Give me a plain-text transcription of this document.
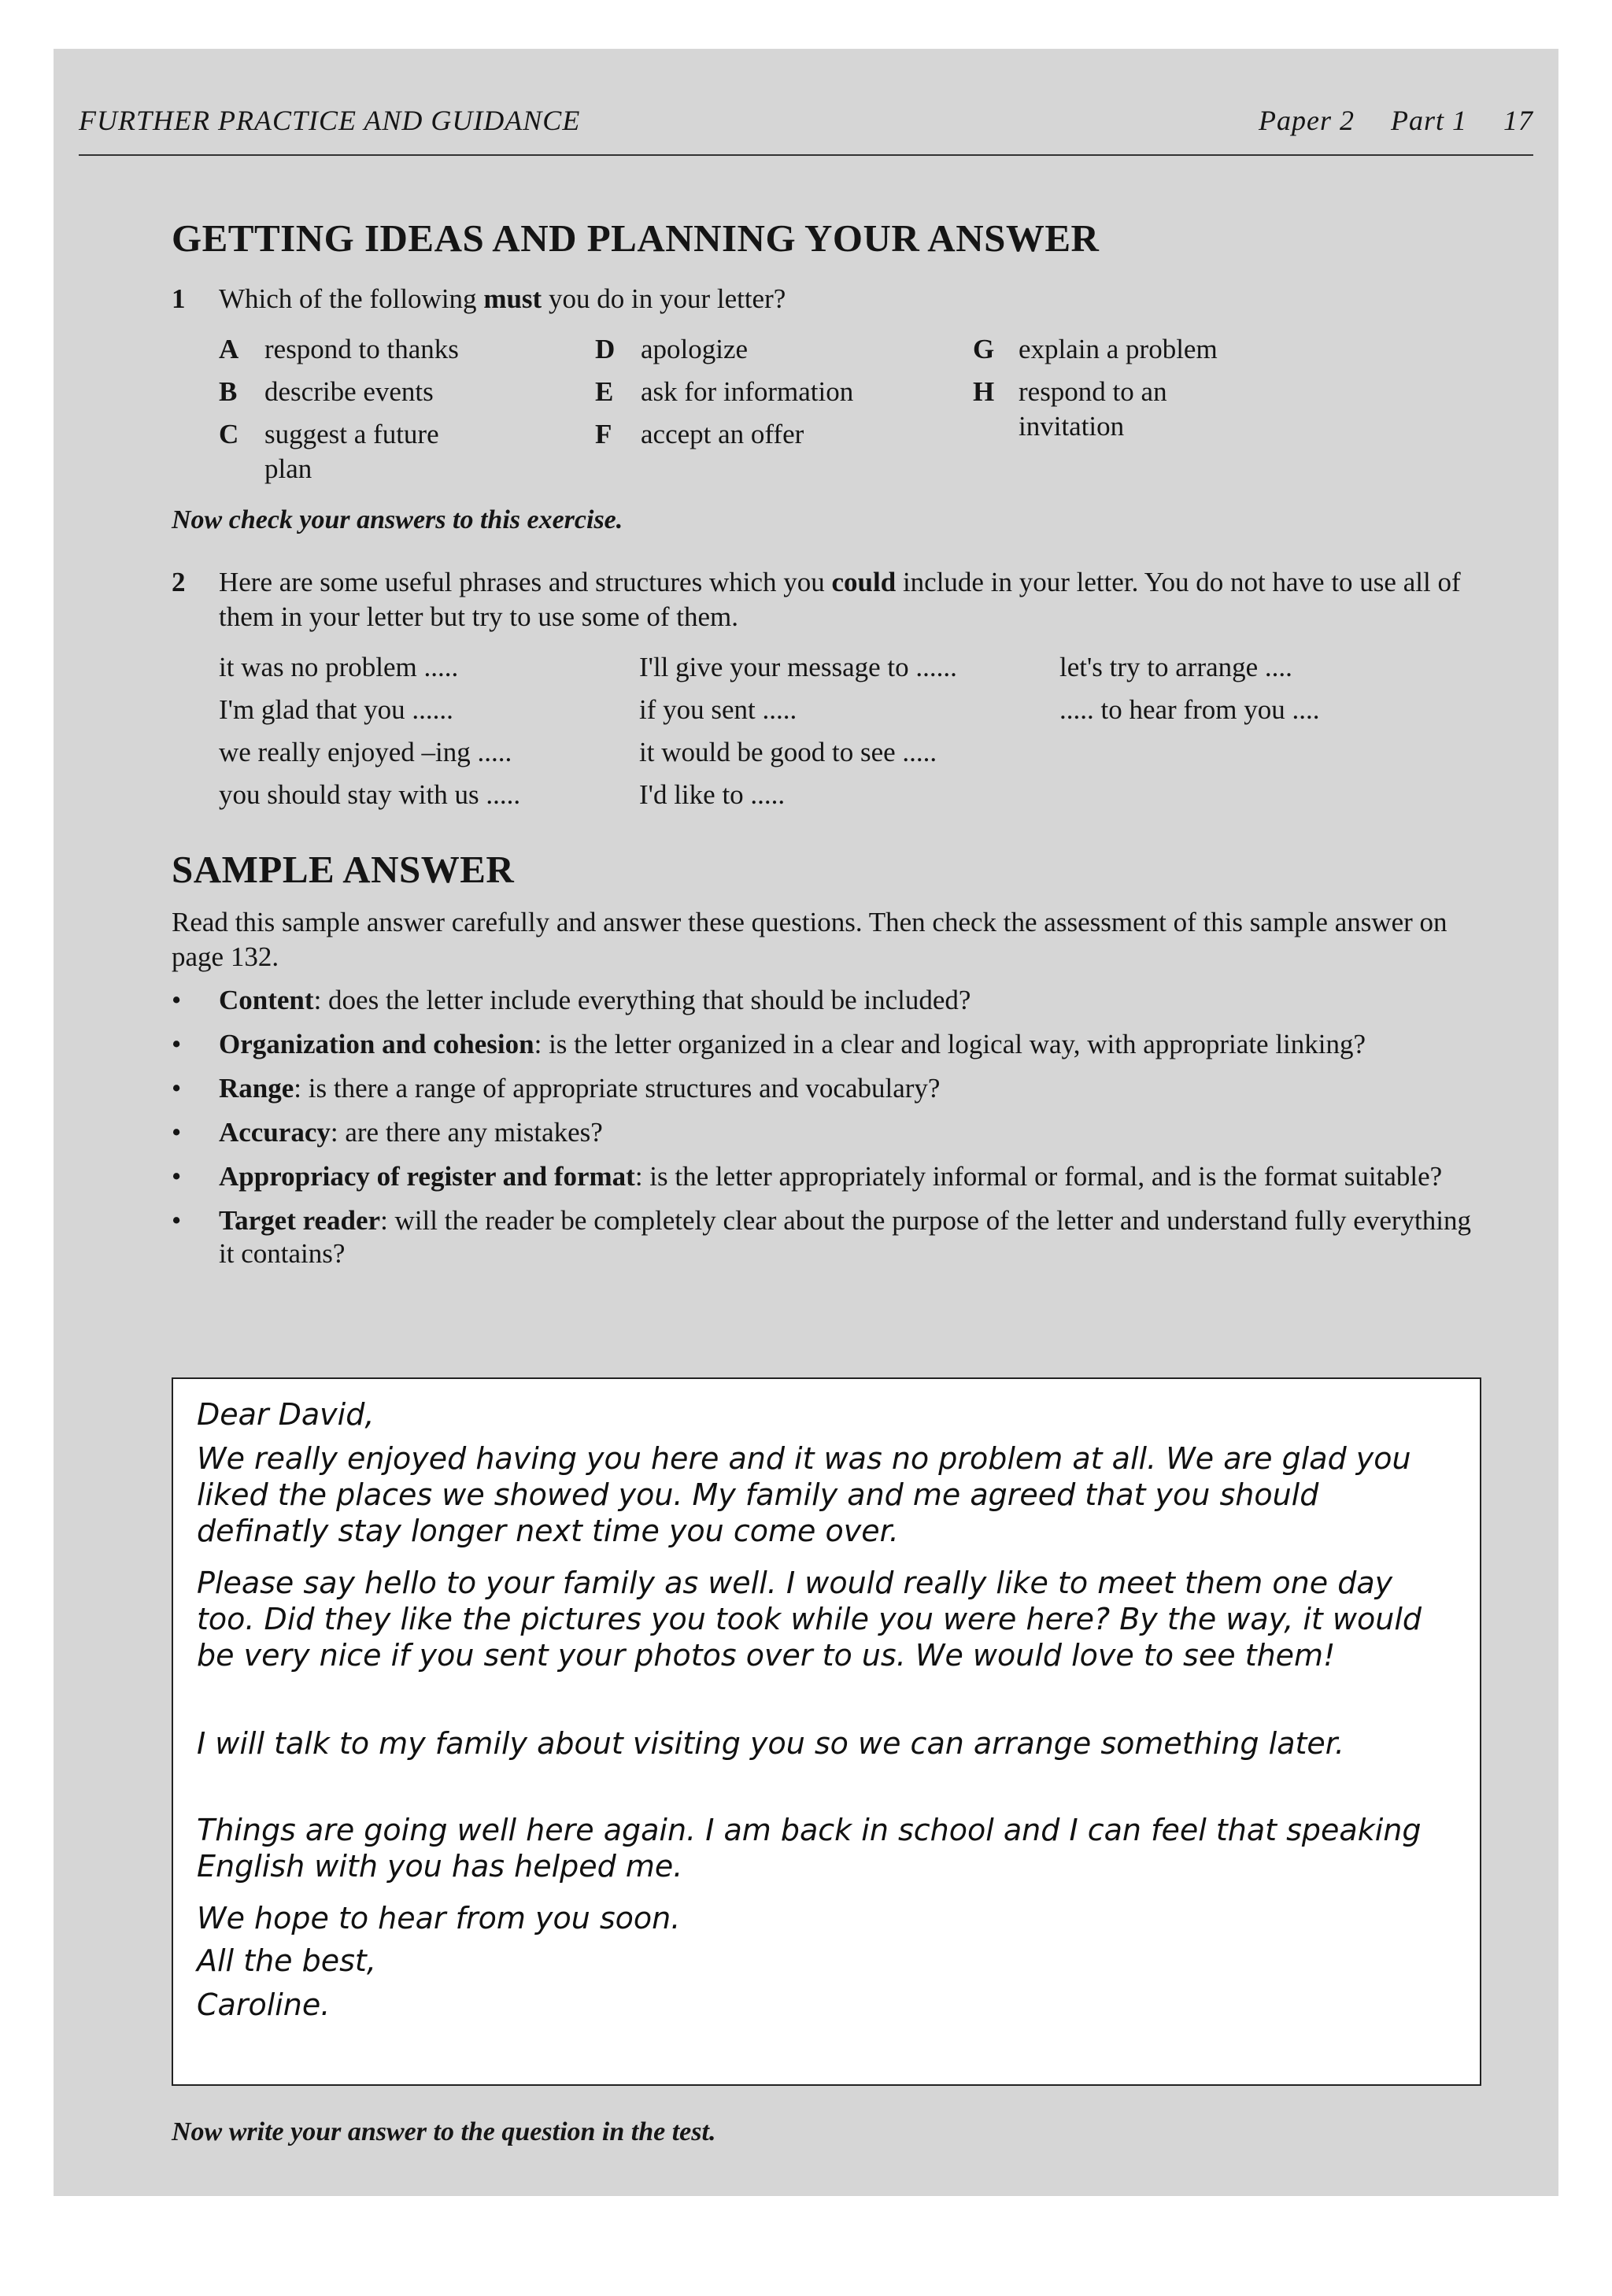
FURTHER PRACTICE AND GUIDANCE	Paper 2 Part 1 17
GETTING IDEAS AND PLANNING YOUR ANSWER
1 Which of the following must you do in your letter?
A respond to thanks
B describe events
C suggest a future plan
D apologize
E ask for information
F accept an offer
G explain a problem
H respond to an invitation
Now check your answers to this exercise.
2 Here are some useful phrases and structures which you could include in your letter. You do not have to use all of them in your letter but try to use some of them.
it was no problem .....
I'm glad that you ......
we really enjoyed –ing .....
you should stay with us .....
I'll give your message to ......
if you sent .....
it would be good to see .....
I'd like to .....
let's try to arrange ....
..... to hear from you ....
SAMPLE ANSWER
Read this sample answer carefully and answer these questions. Then check the assessment of this sample answer on page 132.
• Content: does the letter include everything that should be included?
• Organization and cohesion: is the letter organized in a clear and logical way, with appropriate linking?
• Range: is there a range of appropriate structures and vocabulary?
• Accuracy: are there any mistakes?
• Appropriacy of register and format: is the letter appropriately informal or formal, and is the format suitable?
• Target reader: will the reader be completely clear about the purpose of the letter and understand fully everything it contains?
Dear David,
We really enjoyed having you here and it was no problem at all. We are glad you liked the places we showed you. My family and me agreed that you should definatly stay longer next time you come over.
Please say hello to your family as well. I would really like to meet them one day too. Did they like the pictures you took while you were here? By the way, it would be very nice if you sent your photos over to us. We would love to see them!
I will talk to my family about visiting you so we can arrange something later.
Things are going well here again. I am back in school and I can feel that speaking English with you has helped me.
We hope to hear from you soon.
All the best,
Caroline.
Now write your answer to the question in the test.
